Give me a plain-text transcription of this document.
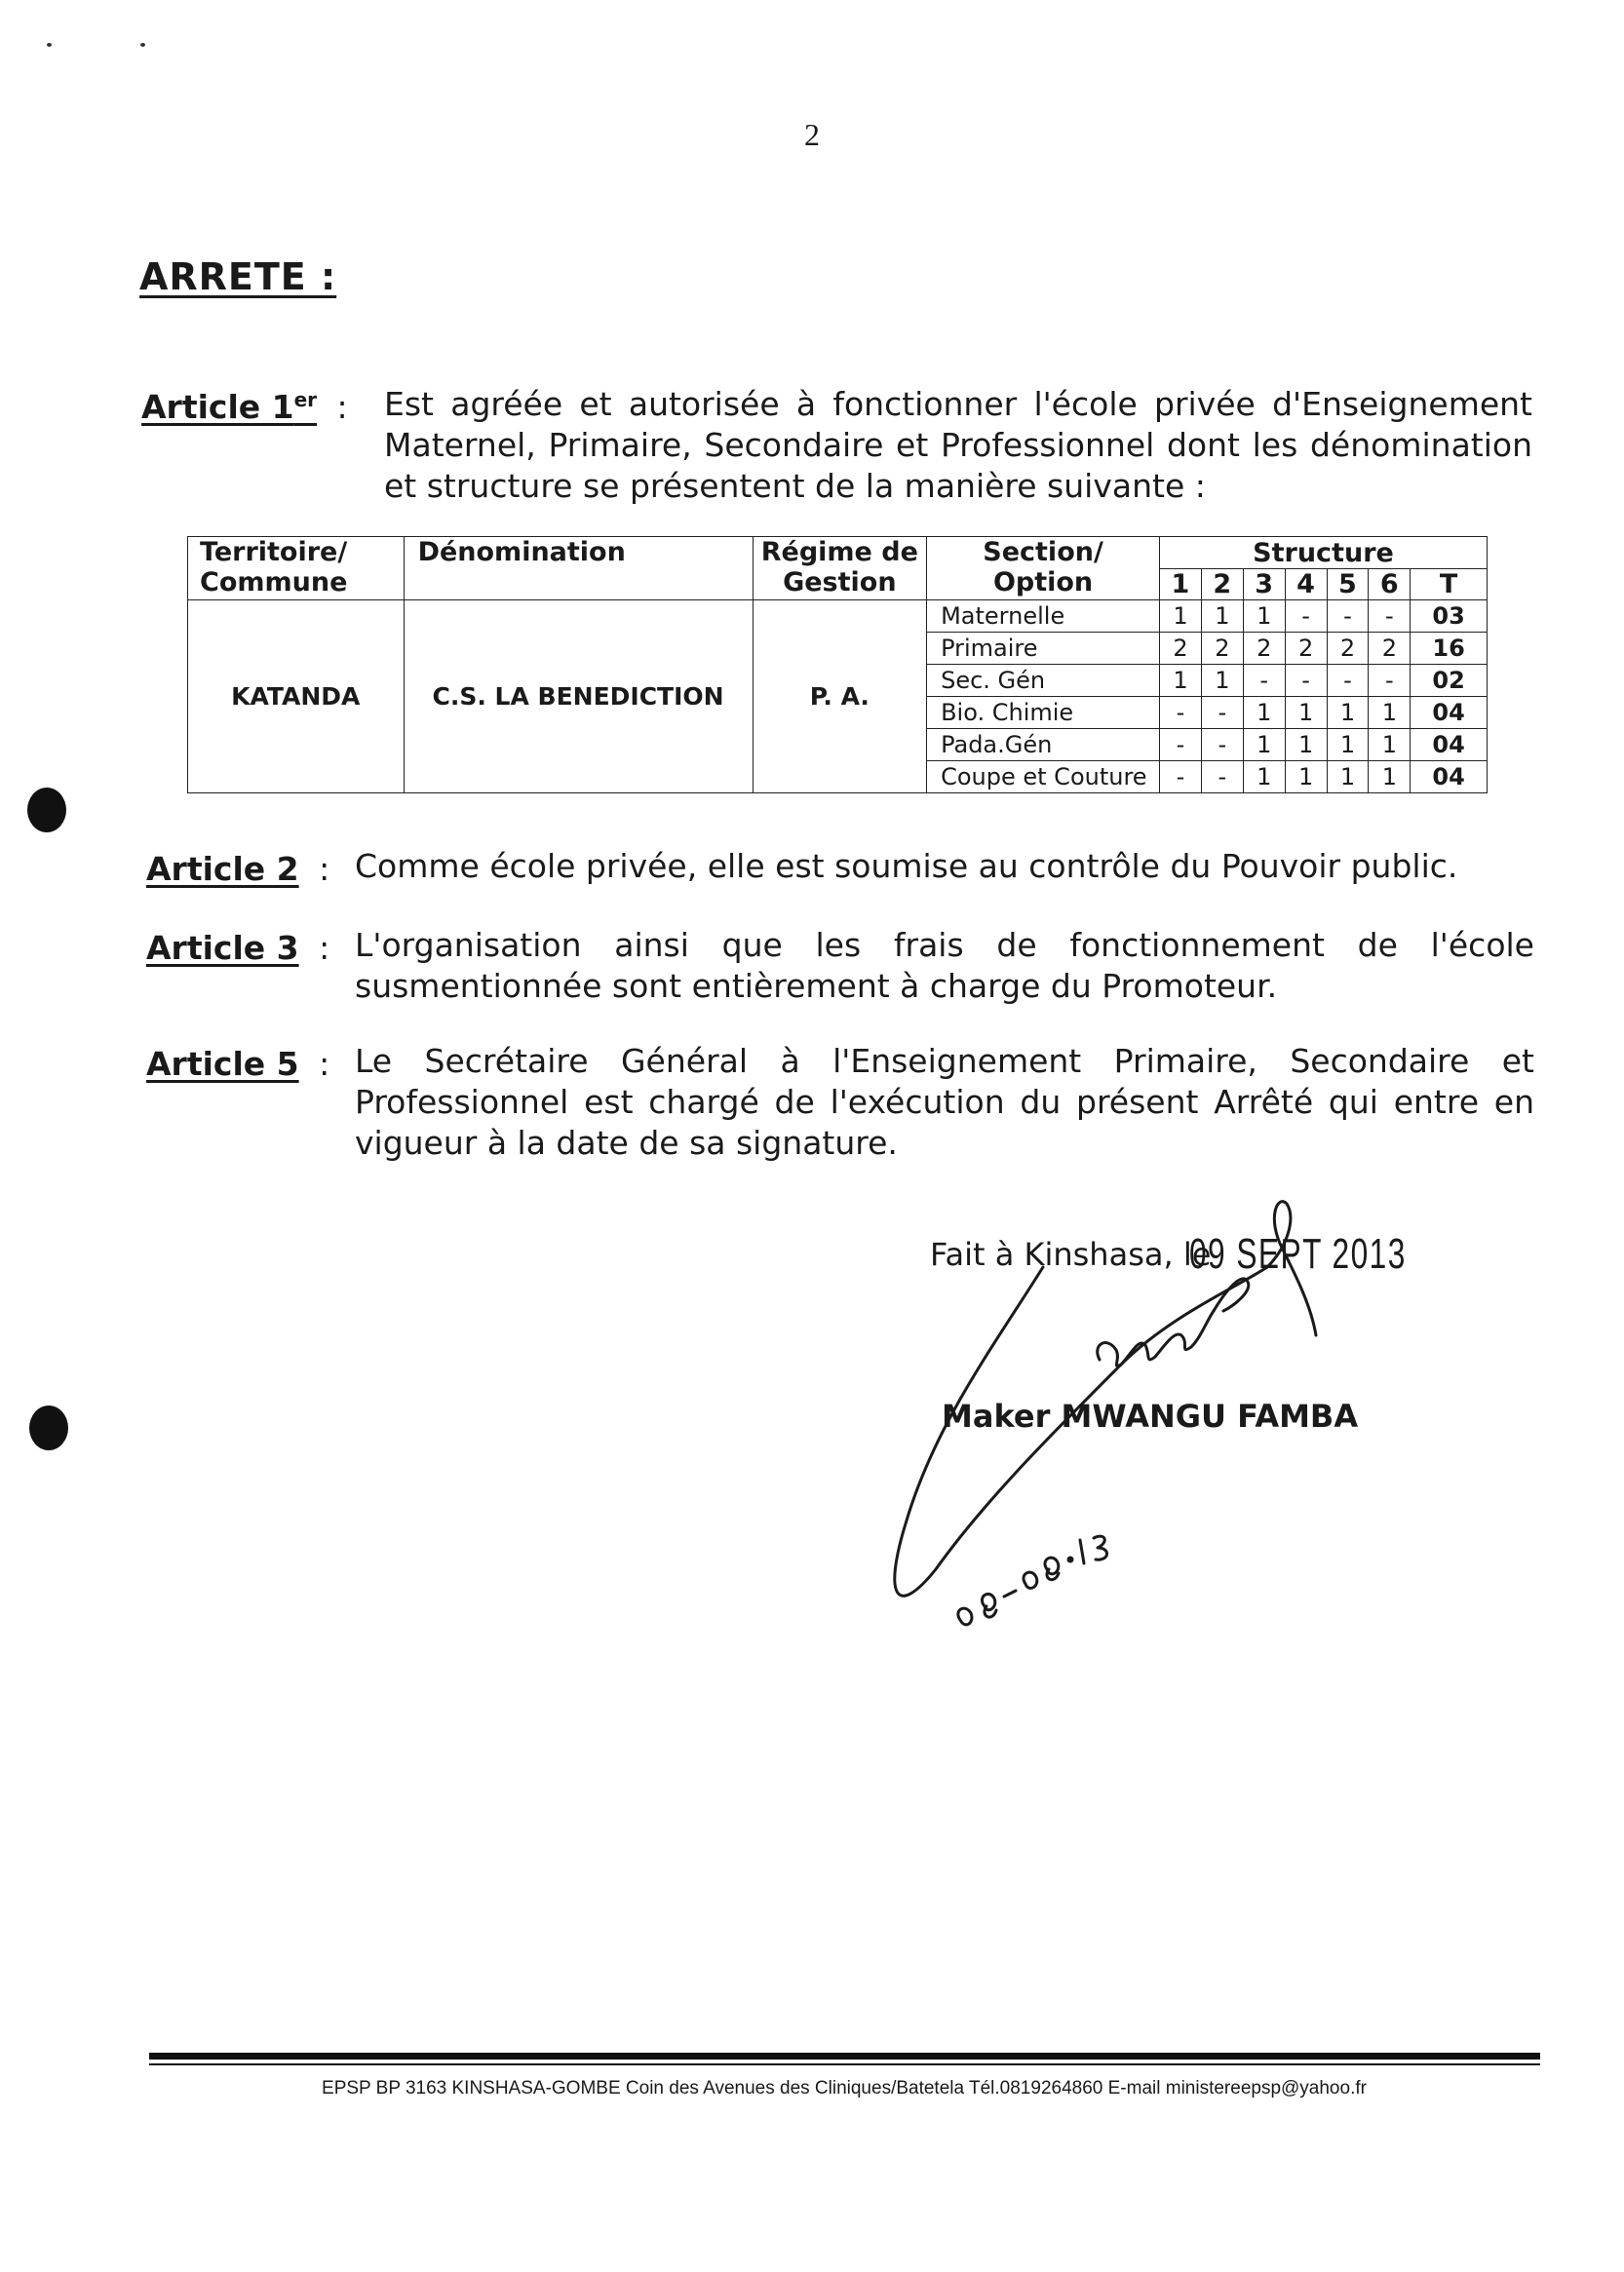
2
ARRETE :
Article 1er : Est agréée et autorisée à fonctionner l'école privée d'Enseignement Maternel, Primaire, Secondaire et Professionnel dont les dénomination et structure se présentent de la manière suivante :
Territoire/ Commune	Dénomination	Régime de Gestion	Section/ Option	Structure						
				1	2	3	4	5	6	T
KATANDA	C.S. LA BENEDICTION	P. A.	Maternelle	1	1	1	-	-	-	03
			Primaire	2	2	2	2	2	2	16
			Sec. Gén	1	1	-	-	-	-	02
			Bio. Chimie	-	-	1	1	1	1	04
			Pada.Gén	-	-	1	1	1	1	04
			Coupe et Couture	-	-	1	1	1	1	04
Article 2 : Comme école privée, elle est soumise au contrôle du Pouvoir public.
Article 3 : L'organisation ainsi que les frais de fonctionnement de l'école susmentionnée sont entièrement à charge du Promoteur.
Article 5 : Le Secrétaire Général à l'Enseignement Primaire, Secondaire et Professionnel est chargé de l'exécution du présent Arrêté qui entre en vigueur à la date de sa signature.
Fait à Kinshasa, le
09 SEPT 2013
Maker MWANGU FAMBA
EPSP BP 3163 KINSHASA-GOMBE Coin des Avenues des Cliniques/Batetela Tél.0819264860 E-mail ministereepsp@yahoo.fr
